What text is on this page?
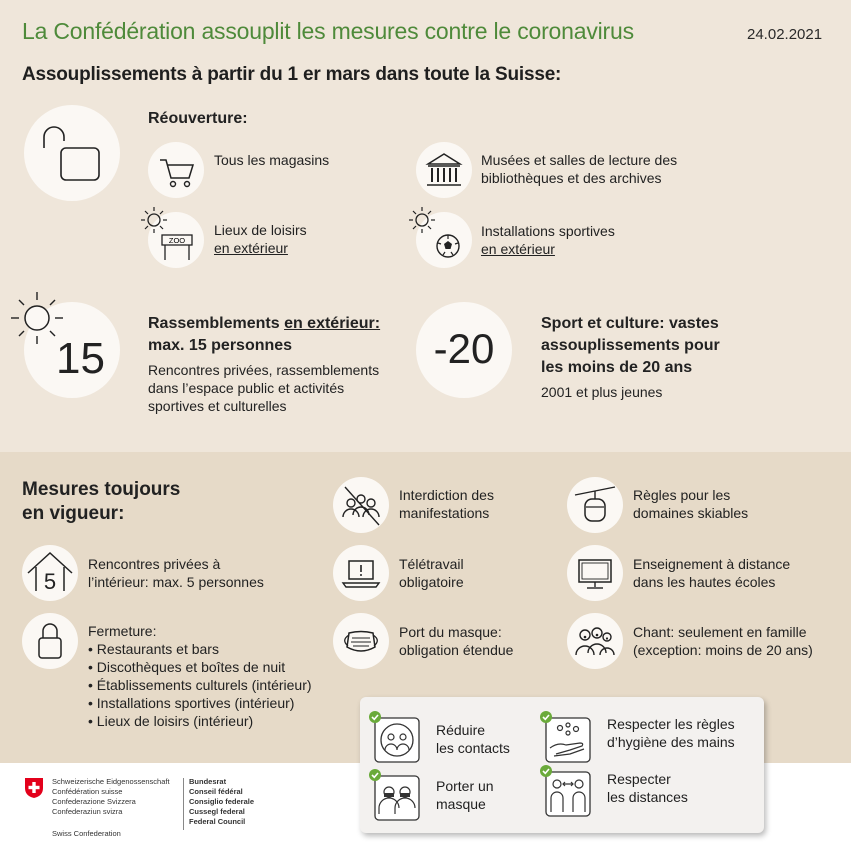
La Confédération assouplit les mesures contre le coronavirus	24.02.2021
Assouplissements à partir du 1 er mars dans toute la Suisse:
Réouverture:
Tous les magasins	Musées et salles de lecture des
bibliothèques et des archives
ZOO
Lieux de loisirs
en extérieur
Installations sportives
en extérieur
15
Rassemblements en extérieur:
max. 15 personnes
Rencontres privées, rassemblements
dans l’espace public et activités
sportives et culturelles
-20
Sport et culture: vastes
assouplissements pour
les moins de 20 ans
2001 et plus jeunes
Mesures toujours
en vigueur:
5
Rencontres privées à
l’intérieur: max. 5 personnes
Fermeture:
• Restaurants et bars
• Discothèques et boîtes de nuit
• Établissements culturels (intérieur)
• Installations sportives (intérieur)
• Lieux de loisirs (intérieur)
Interdiction des
manifestations
Télétravail
obligatoire
Port du masque:
obligation étendue
Règles pour les
domaines skiables
Enseignement à distance
dans les hautes écoles
Chant: seulement en famille
(exception: moins de 20 ans)
Réduire
les contacts
Respecter les règles
d’hygiène des mains
Porter un
masque
Respecter
les distances
Schweizerische Eidgenossenschaft
Confédération suisse
Confederazione Svizzera
Confederaziun svizra
Swiss Confederation
Bundesrat
Conseil fédéral
Consiglio federale
Cussegl federal
Federal Council
